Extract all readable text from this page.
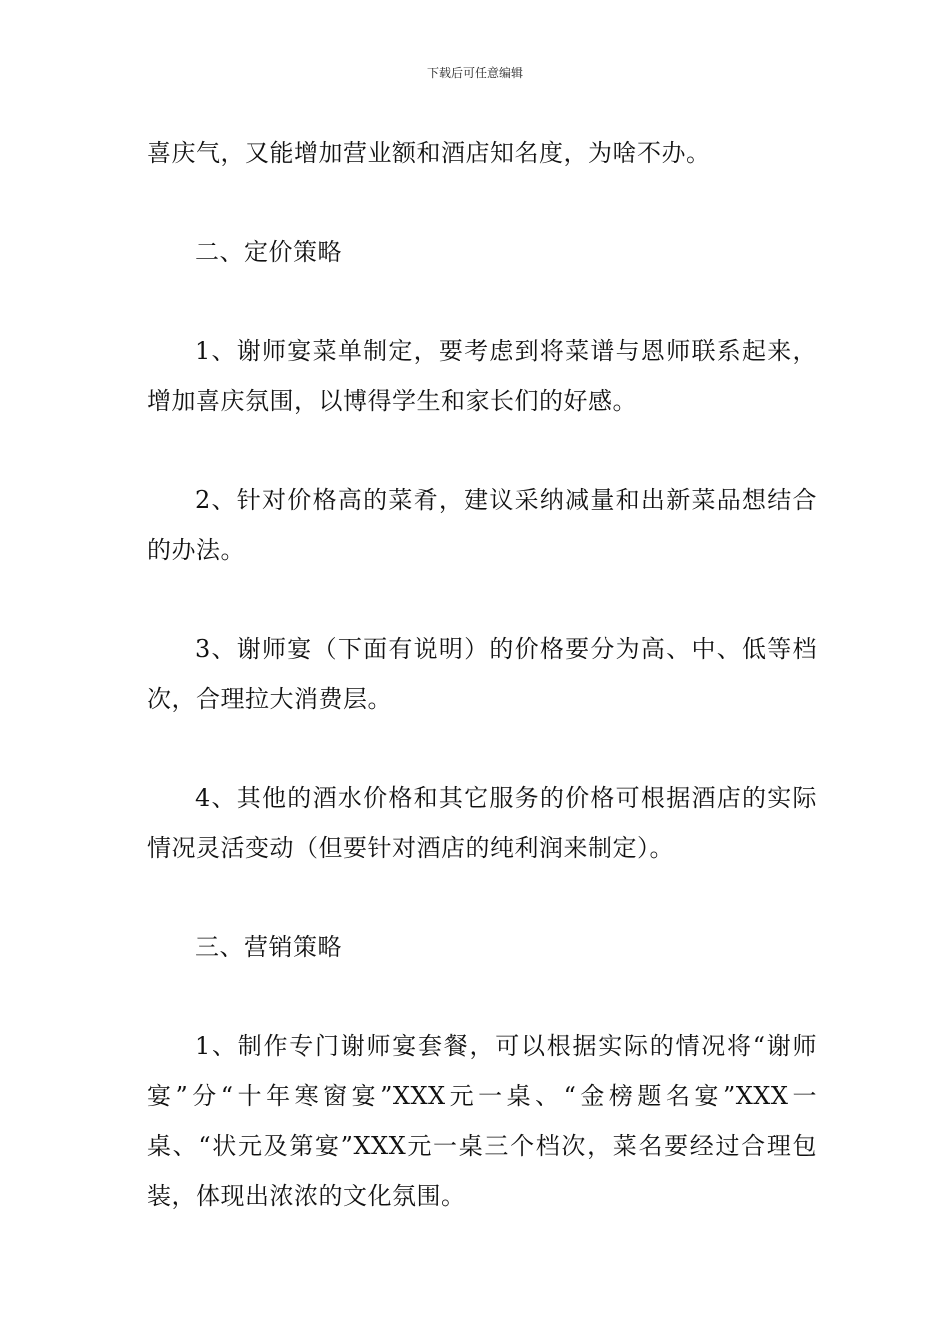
下载后可任意编辑

喜庆气，又能增加营业额和酒店知名度，为啥不办。

二、定价策略

1、谢师宴菜单制定，要考虑到将菜谱与恩师联系起来，增加喜庆氛围，以博得学生和家长们的好感。

2、针对价格高的菜肴，建议采纳减量和出新菜品想结合的办法。

3、谢师宴（下面有说明）的价格要分为高、中、低等档次，合理拉大消费层。

4、其他的酒水价格和其它服务的价格可根据酒店的实际情况灵活变动（但要针对酒店的纯利润来制定）。

三、营销策略

1、制作专门谢师宴套餐，可以根据实际的情况将“谢师宴”分“十年寒窗宴”XXX元一桌、“金榜题名宴”XXX一桌、“状元及第宴”XXX元一桌三个档次，菜名要经过合理包装，体现出浓浓的文化氛围。
